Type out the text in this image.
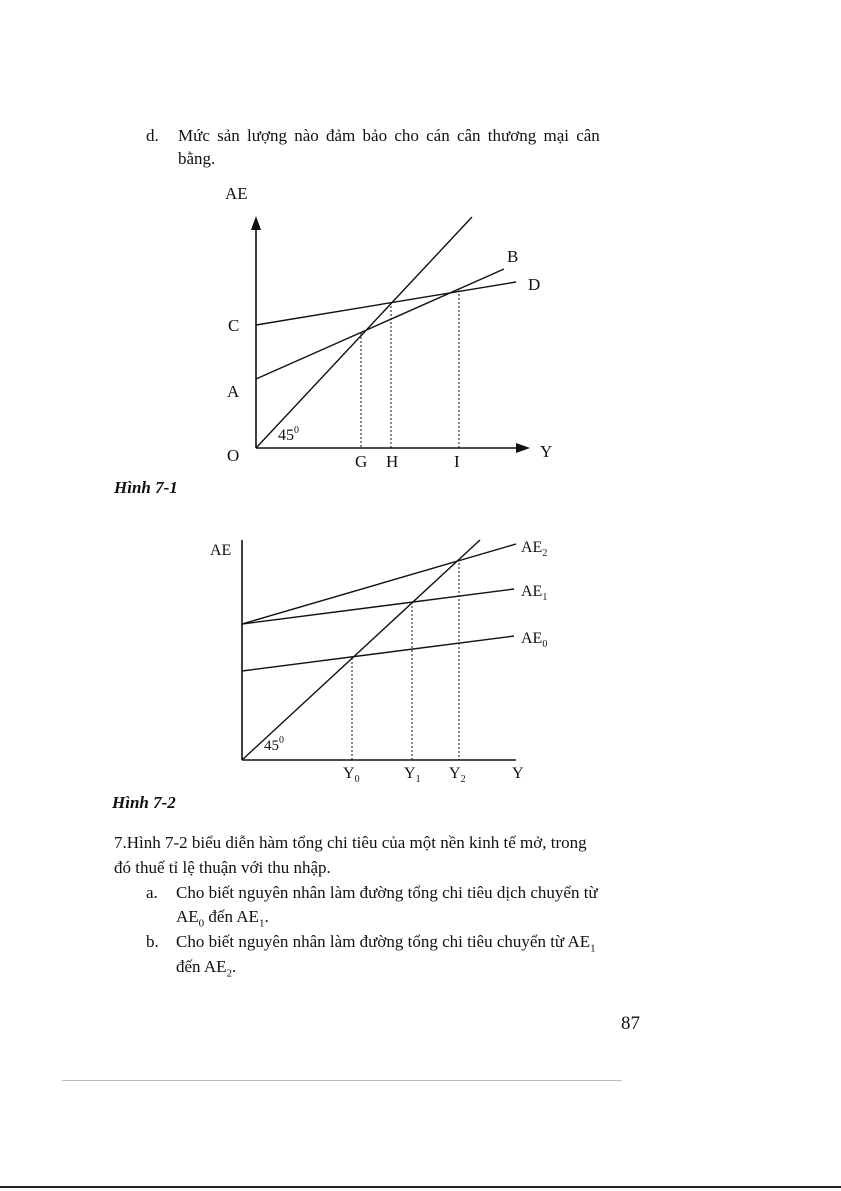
d. Mức sản lượng nào đảm bảo cho cán cân thương mại cân
bằng.
AE
B
D
C
A
O
$45^0$
G H	I
Y
Hình 7-1
AE	$AE_2$
$AE_1$
$AE_0$
$45^0$
$Y_0$	$Y_1$ $Y_2$	Y
Hình 7-2
7.Hình 7-2 biểu diễn hàm tổng chi tiêu của một nền kinh tế mở, trong
đó thuế tỉ lệ thuận với thu nhập.
a. Cho biết nguyên nhân làm đường tổng chi tiêu dịch chuyển từ
$AE_0$ đến $AE_1$.
b. Cho biết nguyên nhân làm đường tổng chi tiêu chuyển từ $AE_1$
đến $AE_2$.
87
